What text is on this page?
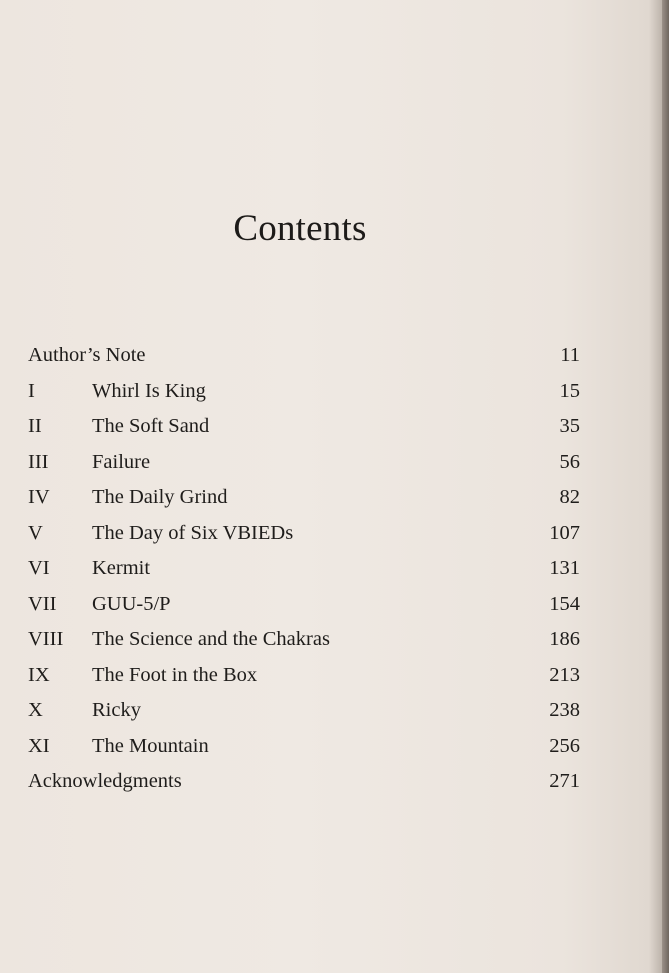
Contents
Author’s Note	11
I	Whirl Is King	15
II The Soft Sand	35
III Failure	56
IV The Daily Grind	82
V The Day of Six VBIEDs	107
VI Kermit	131
VII GUU-5/P	154
VIII The Science and the Chakras	186
IX The Foot in the Box	213
X Ricky	238
XI The Mountain	256
Acknowledgments	271
